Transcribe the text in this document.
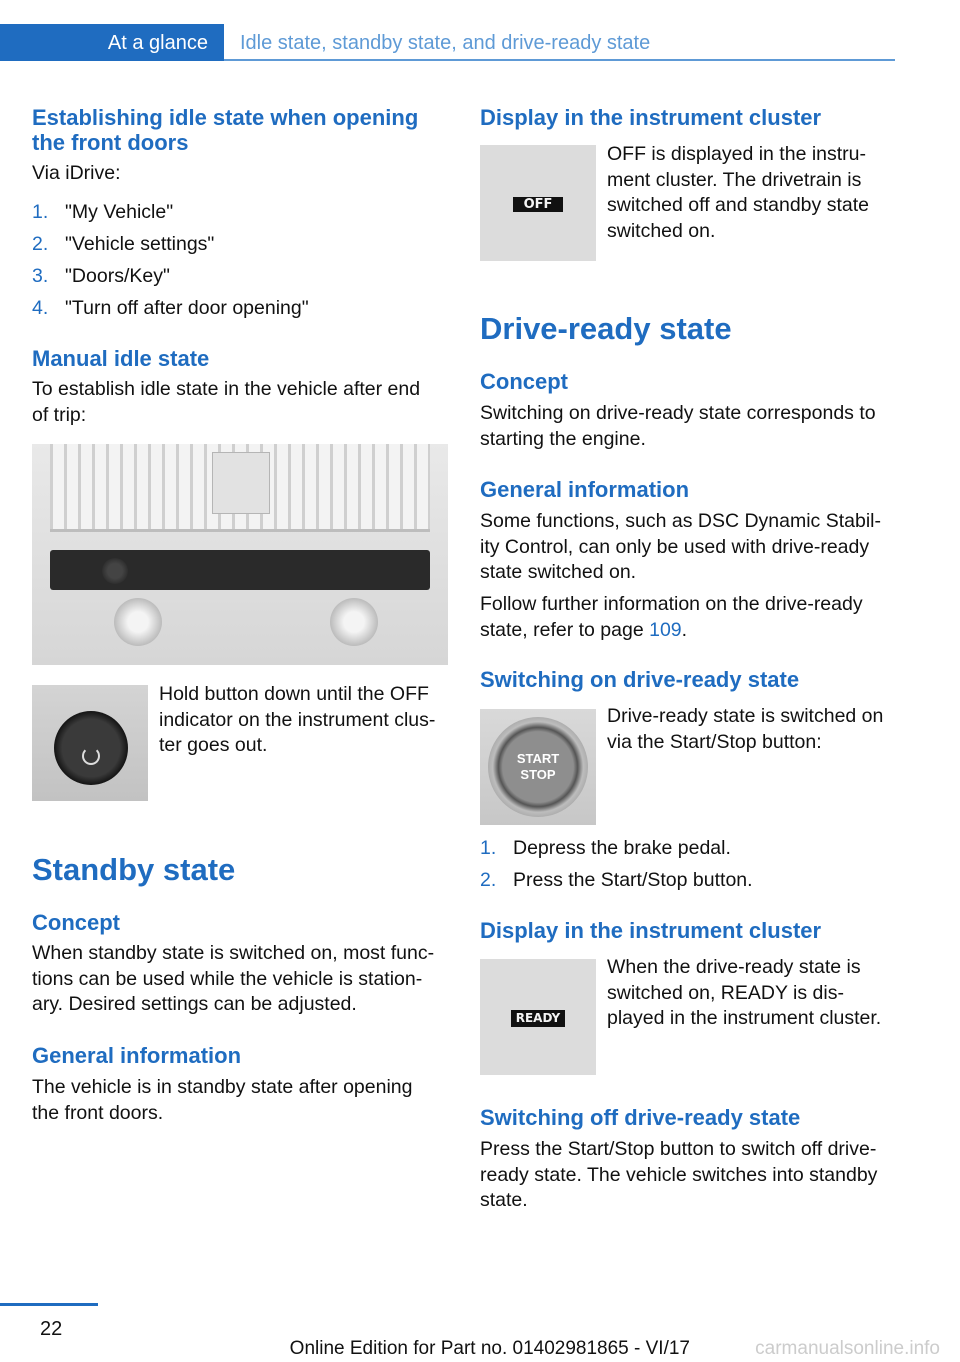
At a glance Idle state, standby state, and drive-ready state
Establishing idle state when opening
the front doors
Via iDrive:
1. "My Vehicle"
2. "Vehicle settings"
3. "Doors/Key"
4. "Turn off after door opening"
Manual idle state
To establish idle state in the vehicle after end
of trip:
Hold button down until the OFF
indicator on the instrument clus-
ter goes out.
Standby state
Concept
When standby state is switched on, most func-
tions can be used while the vehicle is station-
ary. Desired settings can be adjusted.
General information
The vehicle is in standby state after opening
the front doors.
Display in the instrument cluster
OFF
OFF is displayed in the instru-
ment cluster. The drivetrain is
switched off and standby state
switched on.
Drive-ready state
Concept
Switching on drive-ready state corresponds to
starting the engine.
General information
Some functions, such as DSC Dynamic Stabil-
ity Control, can only be used with drive-ready
state switched on.
Follow further information on the drive-ready
state, refer to page 109.
Switching on drive-ready state
START
STOP
Drive-ready state is switched on
via the Start/Stop button:
1. Depress the brake pedal.
2. Press the Start/Stop button.
Display in the instrument cluster
READY
When the drive-ready state is
switched on, READY is dis-
played in the instrument cluster.
Switching off drive-ready state
Press the Start/Stop button to switch off drive-
ready state. The vehicle switches into standby
state.
22
Online Edition for Part no. 01402981865 - VI/17	carmanualsonline.info
